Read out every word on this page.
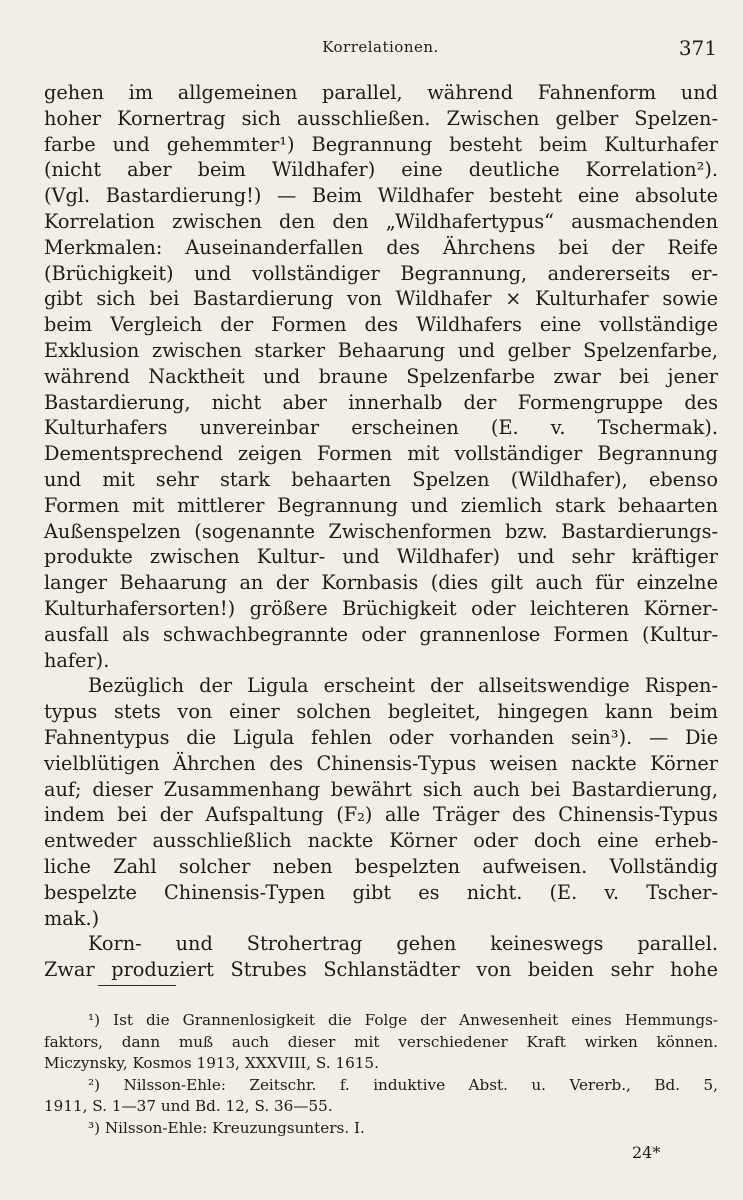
Korrelationen.	371
gehen im allgemeinen parallel, während Fahnenform und
hoher Kornertrag sich ausschließen. Zwischen gelber Spelzen-
farbe und gehemmter¹) Begrannung besteht beim Kulturhafer
(nicht aber beim Wildhafer) eine deutliche Korrelation²).
(Vgl. Bastardierung!) — Beim Wildhafer besteht eine absolute
Korrelation zwischen den den „Wildhafertypus“ ausmachenden
Merkmalen: Auseinanderfallen des Ährchens bei der Reife
(Brüchigkeit) und vollständiger Begrannung, andererseits er-
gibt sich bei Bastardierung von Wildhafer × Kulturhafer sowie
beim Vergleich der Formen des Wildhafers eine vollständige
Exklusion zwischen starker Behaarung und gelber Spelzenfarbe,
während Nacktheit und braune Spelzenfarbe zwar bei jener
Bastardierung, nicht aber innerhalb der Formengruppe des
Kulturhafers unvereinbar erscheinen (E. v. Tschermak).
Dementsprechend zeigen Formen mit vollständiger Begrannung
und mit sehr stark behaarten Spelzen (Wildhafer), ebenso
Formen mit mittlerer Begrannung und ziemlich stark behaarten
Außenspelzen (sogenannte Zwischenformen bzw. Bastardierungs-
produkte zwischen Kultur- und Wildhafer) und sehr kräftiger
langer Behaarung an der Kornbasis (dies gilt auch für einzelne
Kulturhafersorten!) größere Brüchigkeit oder leichteren Körner-
ausfall als schwachbegrannte oder grannenlose Formen (Kultur-
hafer).
Bezüglich der Ligula erscheint der allseitswendige Rispen-
typus stets von einer solchen begleitet, hingegen kann beim
Fahnentypus die Ligula fehlen oder vorhanden sein³). — Die
vielblütigen Ährchen des Chinensis-Typus weisen nackte Körner
auf; dieser Zusammenhang bewährt sich auch bei Bastardierung,
indem bei der Aufspaltung (F₂) alle Träger des Chinensis-Typus
entweder ausschließlich nackte Körner oder doch eine erheb-
liche Zahl solcher neben bespelzten aufweisen. Vollständig
bespelzte Chinensis-Typen gibt es nicht. (E. v. Tscher-
mak.)
Korn- und Strohertrag gehen keineswegs parallel.
Zwar produziert Strubes Schlanstädter von beiden sehr hohe
¹) Ist die Grannenlosigkeit die Folge der Anwesenheit eines Hemmungs-
faktors, dann muß auch dieser mit verschiedener Kraft wirken können.
Miczynsky, Kosmos 1913, XXXVIII, S. 1615.
²) Nilsson-Ehle: Zeitschr. f. induktive Abst. u. Vererb., Bd. 5,
1911, S. 1—37 und Bd. 12, S. 36—55.
³) Nilsson-Ehle: Kreuzungsunters. I.
24*
